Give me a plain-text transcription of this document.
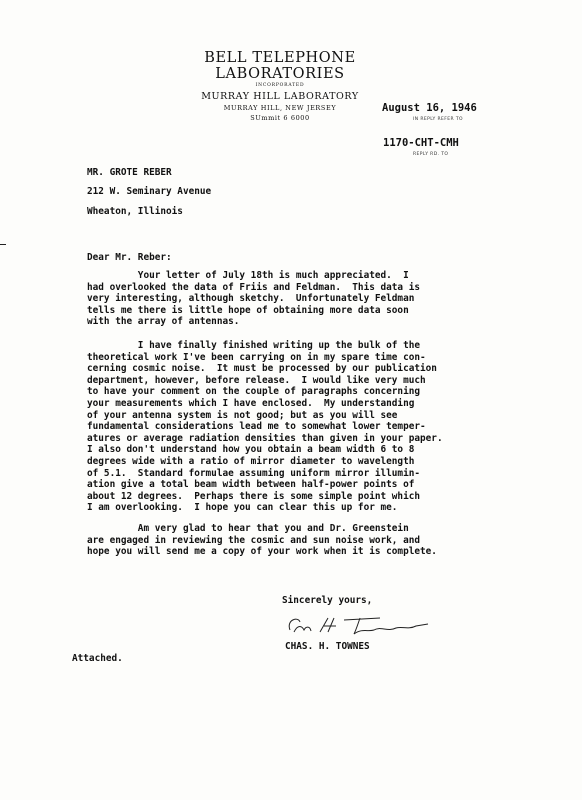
BELL TELEPHONE LABORATORIES
INCORPORATED
MURRAY HILL LABORATORY
MURRAY HILL, NEW JERSEY
SUmmit 6 6000
August 16, 1946
IN REPLY REFER TO
1170-CHT-CMH
REPLY RD. TO
MR. GROTE REBER
212 W. Seminary Avenue
Wheaton, Illinois
Dear Mr. Reber:
Your letter of July 18th is much appreciated.  I
had overlooked the data of Friis and Feldman.  This data is
very interesting, although sketchy.  Unfortunately Feldman
tells me there is little hope of obtaining more data soon
with the array of antennas.
I have finally finished writing up the bulk of the
theoretical work I've been carrying on in my spare time con-
cerning cosmic noise.  It must be processed by our publication
department, however, before release.  I would like very much
to have your comment on the couple of paragraphs concerning
your measurements which I have enclosed.  My understanding
of your antenna system is not good; but as you will see
fundamental considerations lead me to somewhat lower temper-
atures or average radiation densities than given in your paper.
I also don't understand how you obtain a beam width 6 to 8
degrees wide with a ratio of mirror diameter to wavelength
of 5.1.  Standard formulae assuming uniform mirror illumin-
ation give a total beam width between half-power points of
about 12 degrees.  Perhaps there is some simple point which
I am overlooking.  I hope you can clear this up for me.
Am very glad to hear that you and Dr. Greenstein
are engaged in reviewing the cosmic and sun noise work, and
hope you will send me a copy of your work when it is complete.
Sincerely yours,
CHAS. H. TOWNES
Attached.
